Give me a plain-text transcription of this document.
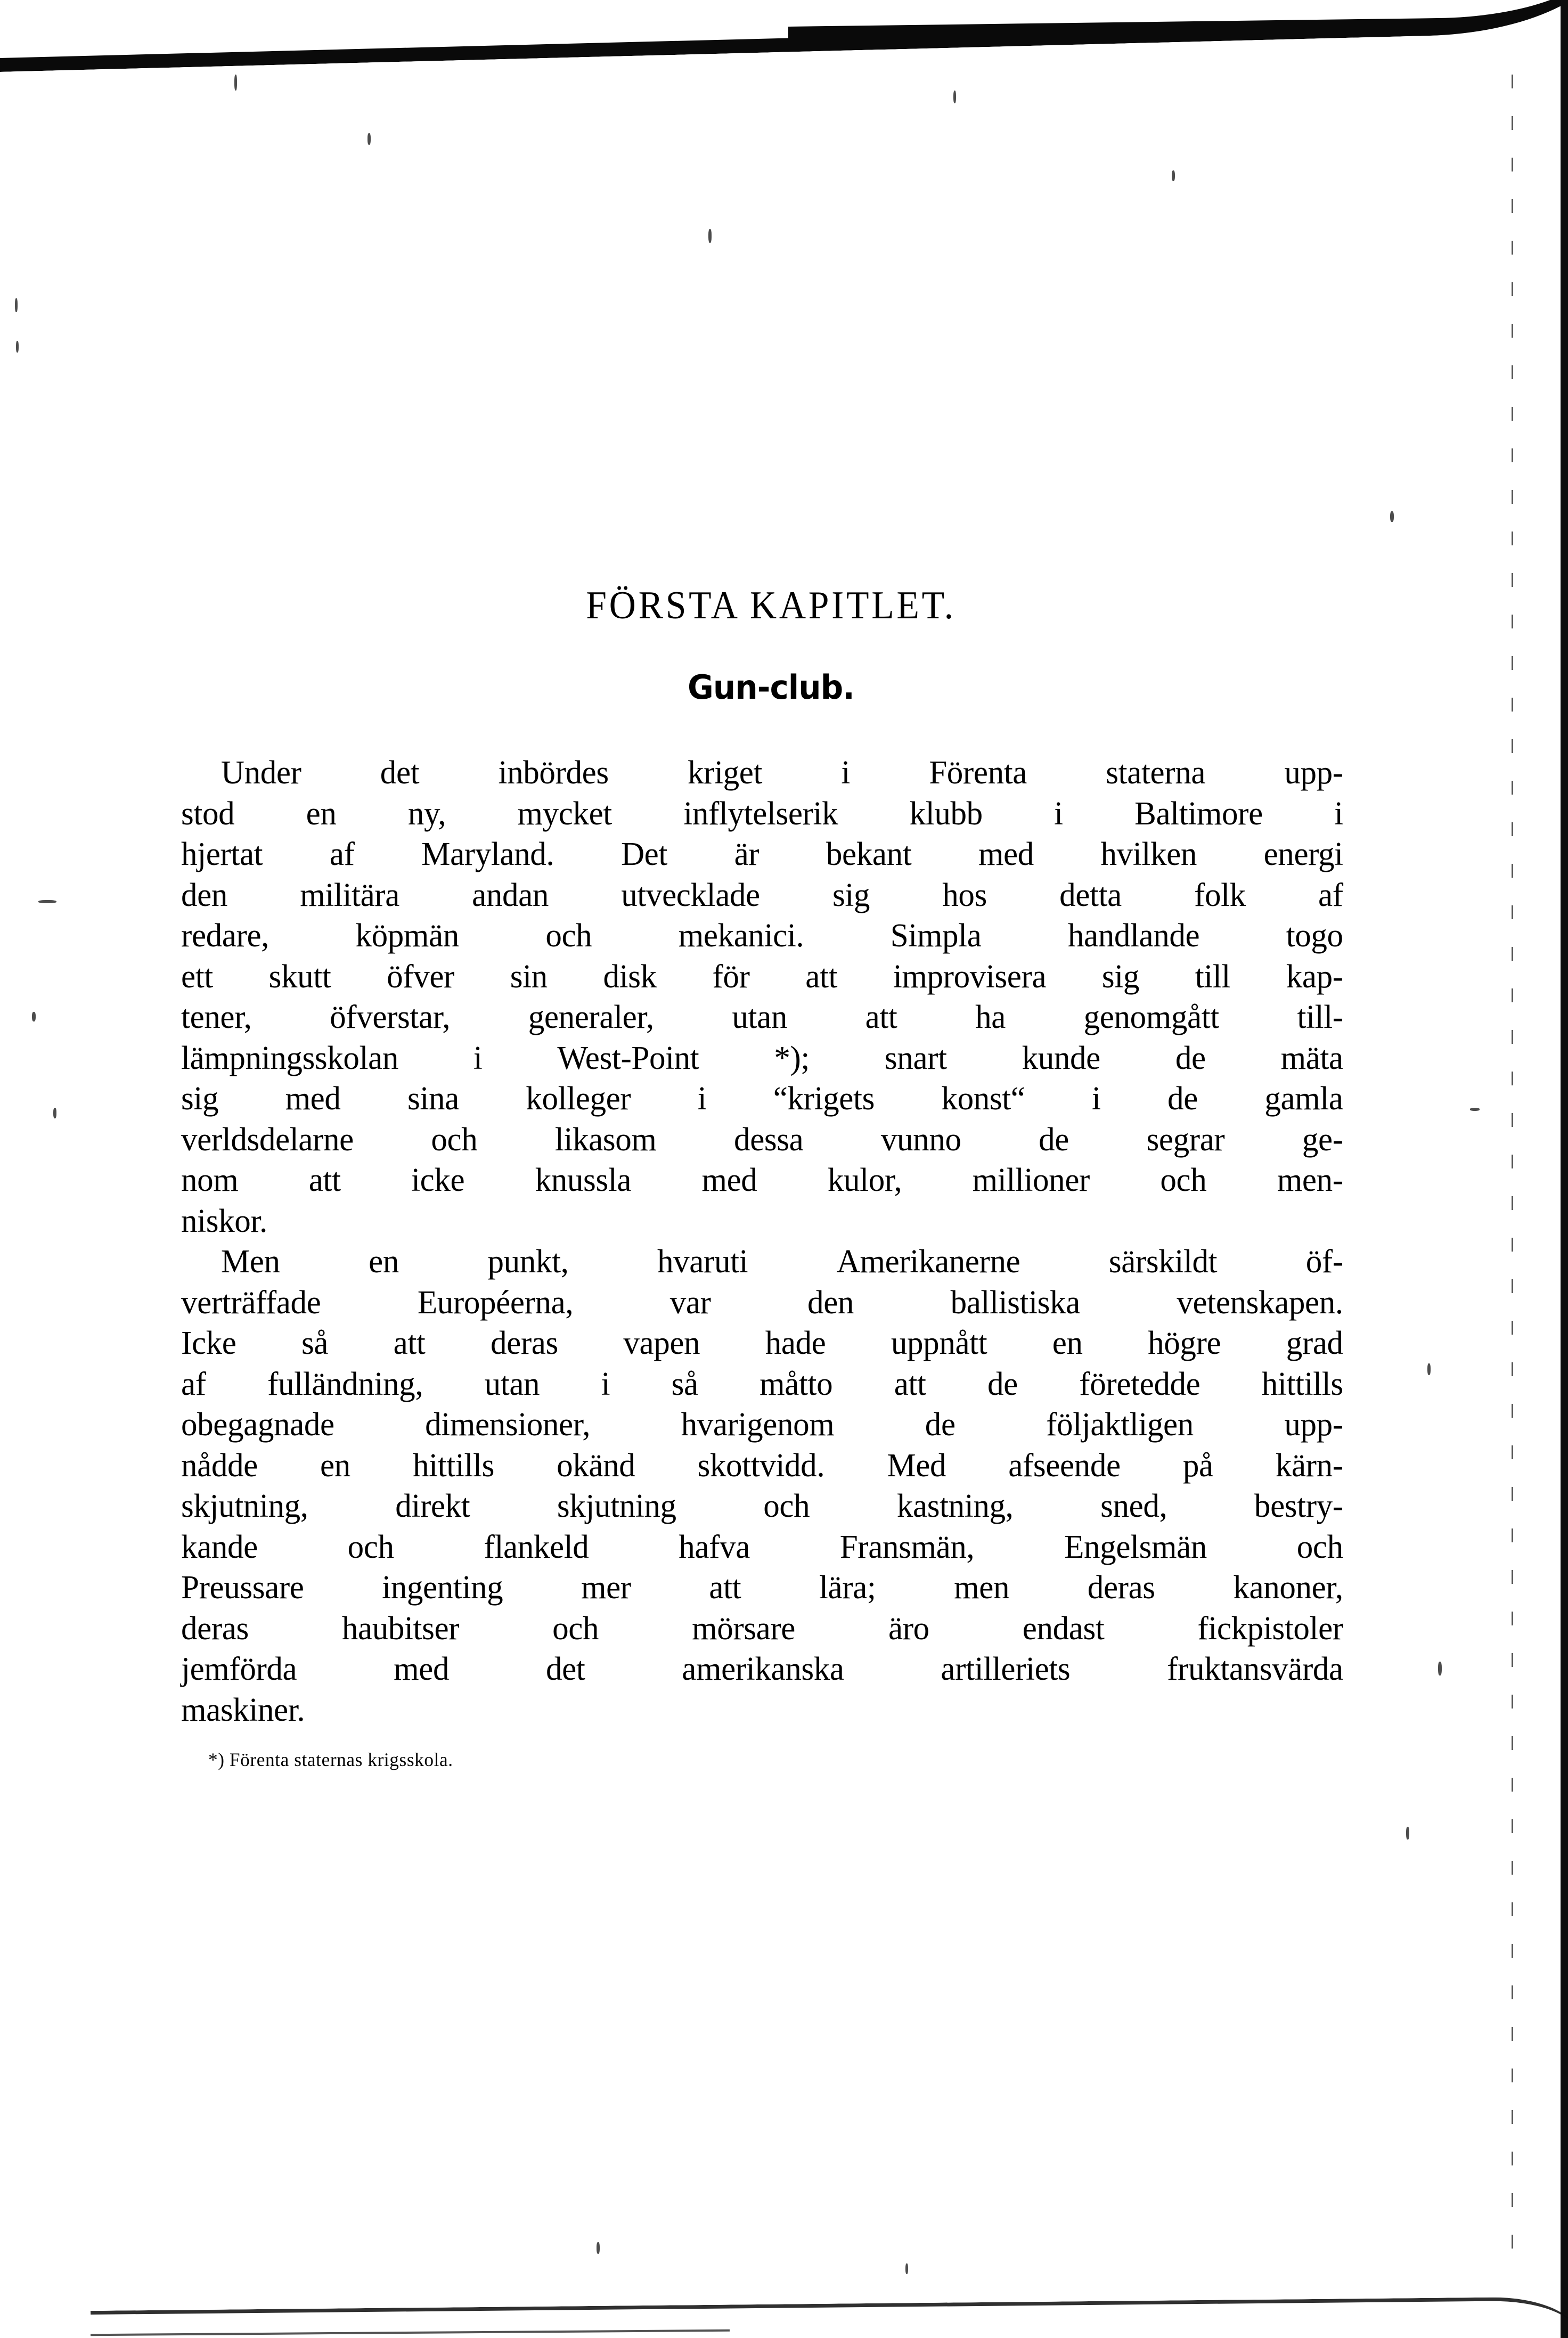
FÖRSTA KAPITLET.
Gun-club.
Under det inbördes kriget i Förenta staterna upp-
stod en ny, mycket inflytelserik klubb i Baltimore i
hjertat af Maryland. Det är bekant med hvilken energi
den militära andan utvecklade sig hos detta folk af
redare,	köpmän	och	mekanici.	Simpla	handlande	togo
ett skutt öfver sin disk för att improvisera sig till kap-
tener, öfverstar, generaler, utan att ha genomgått till-
lämpningsskolan i West-Point *); snart kunde de mäta
sig med sina kolleger i “krigets konst“ i de gamla
verldsdelarne och likasom dessa vunno de segrar ge-
nom att icke knussla med kulor, millioner och men-
niskor.
Men	en	punkt,	hvaruti	Amerikanerne	särskildt	öf-
verträffade	Européerna,	var	den	ballistiska	vetenskapen.
Icke så att deras vapen hade uppnått en högre grad
af fulländning, utan i så måtto att de företedde hittills
obegagnade	dimensioner,	hvarigenom	de	följaktligen	upp-
nådde en hittills okänd skottvidd. Med afseende på kärn-
skjutning,	direkt	skjutning	och	kastning,	sned,	bestry-
kande	och	flankeld	hafva	Fransmän,	Engelsmän	och
Preussare ingenting mer att lära; men deras kanoner,
deras	haubitser	och	mörsare	äro	endast	fickpistoler
jemförda	med	det	amerikanska	artilleriets	fruktansvärda
maskiner.
*) Förenta staternas krigsskola.
